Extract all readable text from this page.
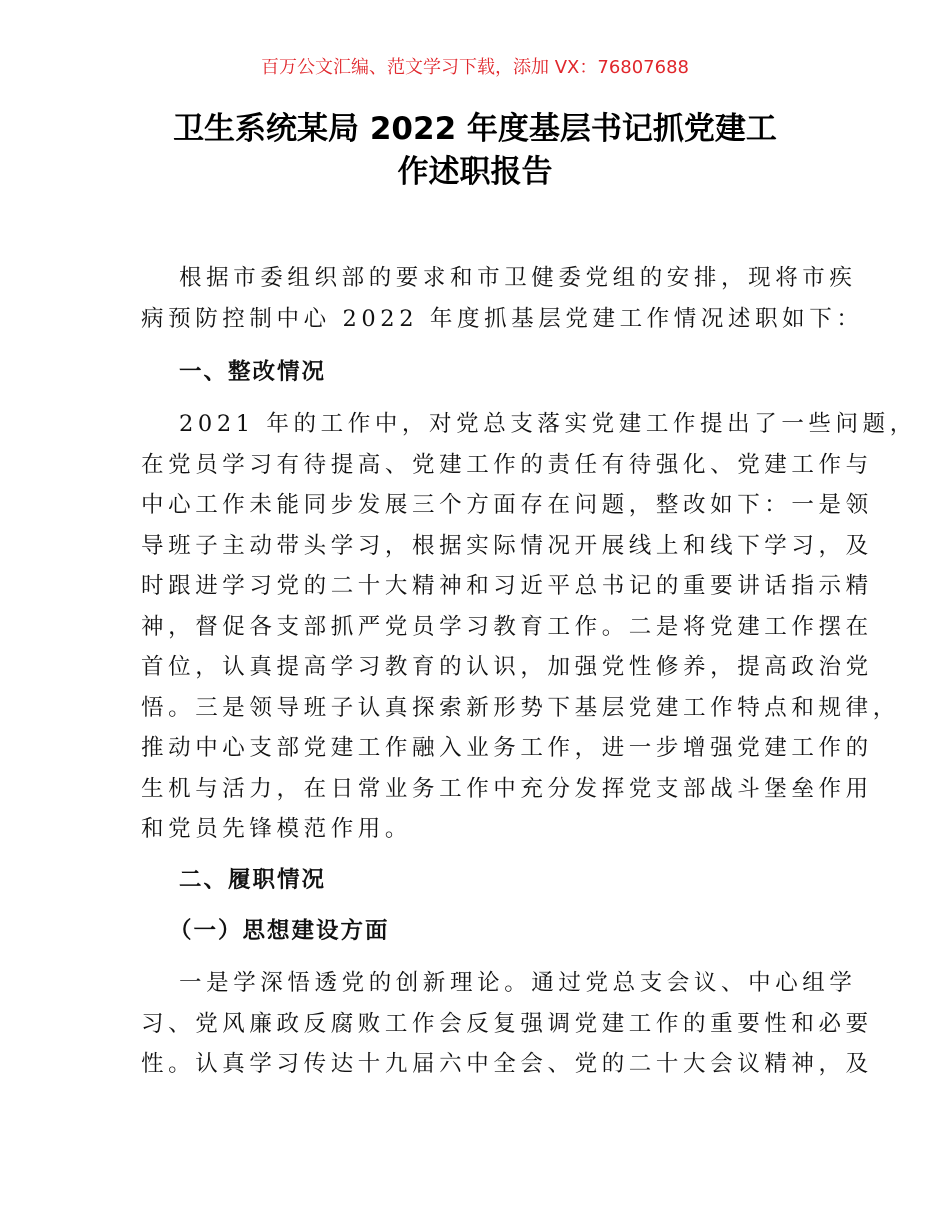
百万公文汇编、范文学习下载，添加 VX：76807688
卫生系统某局 2022 年度基层书记抓党建工
作述职报告
根据市委组织部的要求和市卫健委党组的安排，现将市疾
病预防控制中心 2022 年度抓基层党建工作情况述职如下：
一、整改情况
2021 年的工作中，对党总支落实党建工作提出了一些问题，
在党员学习有待提高、党建工作的责任有待强化、党建工作与
中心工作未能同步发展三个方面存在问题，整改如下：一是领
导班子主动带头学习，根据实际情况开展线上和线下学习，及
时跟进学习党的二十大精神和习近平总书记的重要讲话指示精
神，督促各支部抓严党员学习教育工作。二是将党建工作摆在
首位，认真提高学习教育的认识，加强党性修养，提高政治党
悟。三是领导班子认真探索新形势下基层党建工作特点和规律，
推动中心支部党建工作融入业务工作，进一步增强党建工作的
生机与活力，在日常业务工作中充分发挥党支部战斗堡垒作用
和党员先锋模范作用。
二、履职情况
（一）思想建设方面
一是学深悟透党的创新理论。通过党总支会议、中心组学
习、党风廉政反腐败工作会反复强调党建工作的重要性和必要
性。认真学习传达十九届六中全会、党的二十大会议精神，及
